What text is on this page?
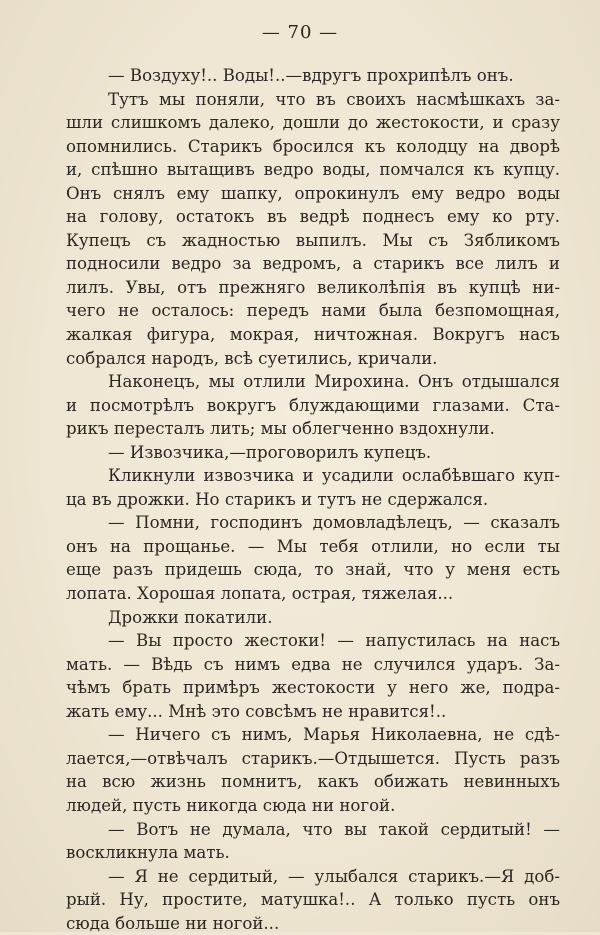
— 70 —
— Воздуху!.. Воды!..—вдругъ прохрипѣлъ онъ.
Тутъ мы поняли, что въ своихъ насмѣшкахъ за-
шли слишкомъ далеко, дошли до жестокости, и сразу
опомнились. Старикъ бросился къ колодцу на дворѣ
и, спѣшно вытащивъ ведро воды, помчался къ купцу.
Онъ снялъ ему шапку, опрокинулъ ему ведро воды
на голову, остатокъ въ ведрѣ поднесъ ему ко рту.
Купецъ съ жадностью выпилъ. Мы съ Зябликомъ
подносили ведро за ведромъ, а старикъ все лилъ и
лилъ. Увы, отъ прежняго великолѣпія въ купцѣ ни-
чего не осталось: передъ нами была безпомощная,
жалкая фигура, мокрая, ничтожная. Вокругъ насъ
собрался народъ, всѣ суетились, кричали.
Наконецъ, мы отлили Мирохина. Онъ отдышался
и посмотрѣлъ вокругъ блуждающими глазами. Ста-
рикъ пересталъ лить; мы облегченно вздохнули.
— Извозчика,—проговорилъ купецъ.
Кликнули извозчика и усадили ослабѣвшаго куп-
ца въ дрожки. Но старикъ и тутъ не сдержался.
— Помни, господинъ домовладѣлецъ, — сказалъ
онъ на прощанье. — Мы тебя отлили, но если ты
еще разъ придешь сюда, то знай, что у меня есть
лопата. Хорошая лопата, острая, тяжелая...
Дрожки покатили.
— Вы просто жестоки! — напустилась на насъ
мать. — Вѣдь съ нимъ едва не случился ударъ. За-
чѣмъ брать примѣръ жестокости у него же, подра-
жать ему... Мнѣ это совсѣмъ не нравится!..
— Ничего съ нимъ, Марья Николаевна, не сдѣ-
лается,—отвѣчалъ старикъ.—Отдышется. Пусть разъ
на всю жизнь помнитъ, какъ обижать невинныхъ
людей, пусть никогда сюда ни ногой.
— Вотъ не думала, что вы такой сердитый! —
воскликнула мать.
— Я не сердитый, — улыбался старикъ.—Я доб-
рый. Ну, простите, матушка!.. А только пусть онъ
сюда больше ни ногой...
